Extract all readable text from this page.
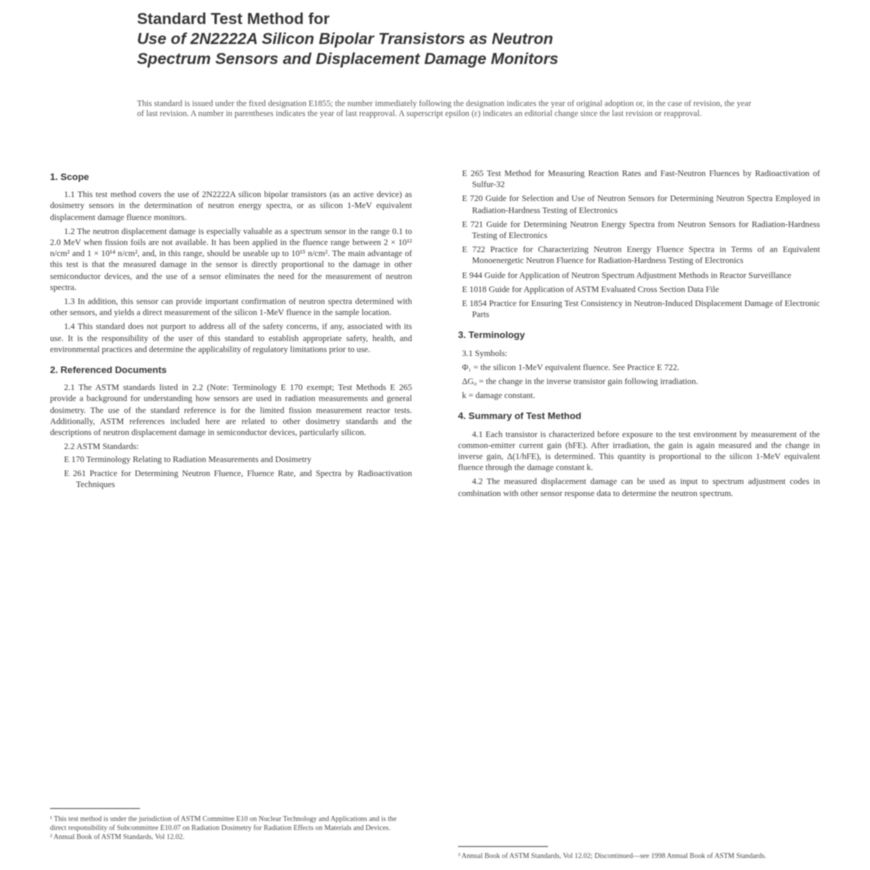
Standard Test Method for
Use of 2N2222A Silicon Bipolar Transistors as Neutron
Spectrum Sensors and Displacement Damage Monitors
This standard is issued under the fixed designation E1855; the number immediately following the designation indicates the year of original adoption or, in the case of revision, the year of last revision. A number in parentheses indicates the year of last reapproval. A superscript epsilon (ε) indicates an editorial change since the last revision or reapproval.
1. Scope

1.1 This test method covers the use of 2N2222A silicon bipolar transistors (as an active device) as dosimetry sensors in the determination of neutron energy spectra, or as silicon 1-MeV equivalent displacement damage fluence monitors.

1.2 The neutron displacement damage is especially valuable as a spectrum sensor in the range 0.1 to 2.0 MeV when fission foils are not available. It has been applied in the fluence range between 2 × 10¹² n/cm² and 1 × 10¹⁴ n/cm², and, in this range, should be useable up to 10¹⁵ n/cm². The main advantage of this test is that the measured damage in the sensor is directly proportional to the damage in other semiconductor devices, and the use of a sensor eliminates the need for the measurement of neutron spectra.

1.3 In addition, this sensor can provide important confirmation of neutron spectra determined with other sensors, and yields a direct measurement of the silicon 1-MeV fluence in the sample location.

1.4 This standard does not purport to address all of the safety concerns, if any, associated with its use. It is the responsibility of the user of this standard to establish appropriate safety, health, and environmental practices and determine the applicability of regulatory limitations prior to use.

2. Referenced Documents

2.1 The ASTM standards listed in 2.2 (Note: Terminology E 170 exempt; Test Methods E 265 provide a background for understanding how sensors are used in radiation measurements and general dosimetry. The use of the standard reference is for the limited fission measurement reactor tests. Additionally, ASTM references included here are related to other dosimetry standards and the descriptions of neutron displacement damage in semiconductor devices, particularly silicon.

2.2 ASTM Standards:
E 170 Terminology Relating to Radiation Measurements and Dosimetry
E 261 Practice for Determining Neutron Fluence, Fluence Rate, and Spectra by Radioactivation Techniques
¹ This test method is under the jurisdiction of ASTM Committee E10 on Nuclear Technology and Applications and is the direct responsibility of Subcommittee E10.07 on Radiation Dosimetry for Radiation Effects on Materials and Devices.
² Annual Book of ASTM Standards, Vol 12.02.
E 265 Test Method for Measuring Reaction Rates and Fast-Neutron Fluences by Radioactivation of Sulfur-32
E 720 Guide for Selection and Use of Neutron Sensors for Determining Neutron Spectra Employed in Radiation-Hardness Testing of Electronics
E 721 Guide for Determining Neutron Energy Spectra from Neutron Sensors for Radiation-Hardness Testing of Electronics
E 722 Practice for Characterizing Neutron Energy Fluence Spectra in Terms of an Equivalent Monoenergetic Neutron Fluence for Radiation-Hardness Testing of Electronics
E 944 Guide for Application of Neutron Spectrum Adjustment Methods in Reactor Surveillance
E 1018 Guide for Application of ASTM Evaluated Cross Section Data File
E 1854 Practice for Ensuring Test Consistency in Neutron-Induced Displacement Damage of Electronic Parts
3. Terminology
3.1 Symbols:
Φ₁ = the silicon 1-MeV equivalent fluence. See Practice E 722.
ΔG₀ = the change in the inverse transistor gain following irradiation.
k = damage constant.
4. Summary of Test Method

4.1 Each transistor is characterized before exposure to the test environment by measurement of the common-emitter current gain (hFE). After irradiation, the gain is again measured and the change in inverse gain, Δ(1/hFE), is determined. This quantity is proportional to the silicon 1-MeV equivalent fluence through the damage constant k.

4.2 The measured displacement damage can be used as input to spectrum adjustment codes in combination with other sensor response data to determine the neutron spectrum.

³ Annual Book of ASTM Standards, Vol 12.02; Discontinued—see 1998 Annual Book of ASTM Standards.
